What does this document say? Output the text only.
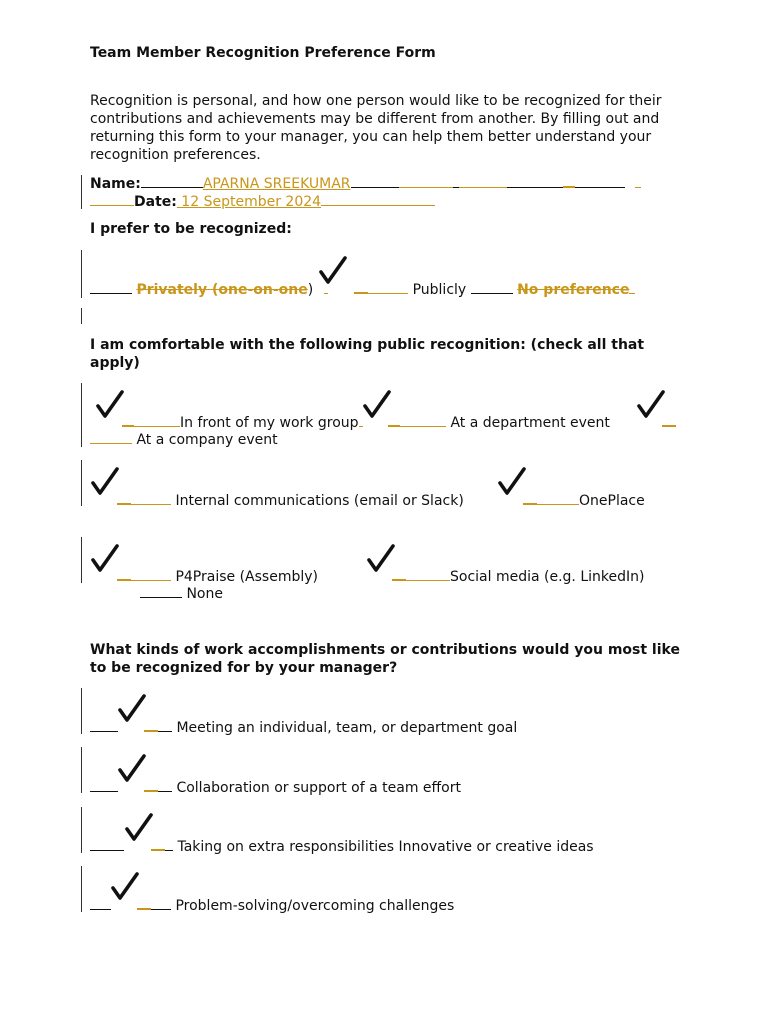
Team Member Recognition Preference Form
Recognition is personal, and how one person would like to be recognized for their contributions and achievements may be different from another. By filling out and returning this form to your manager, you can help them better understand your recognition preferences.
Name:	APARNA SREEKUMAR
Date: 12 September 2024
I prefer to be recognized:
Privately (one-on-one)	Publicly	No preference
I am comfortable with the following public recognition: (check all that apply)
In front of my work group	At a department event
At a company event
Internal communications (email or Slack)	OnePlace
P4Praise (Assembly)	Social media (e.g. LinkedIn)
None
What kinds of work accomplishments or contributions would you most like to be recognized for by your manager?
Meeting an individual, team, or department goal
Collaboration or support of a team effort
Taking on extra responsibilities Innovative or creative ideas
Problem-solving/overcoming challenges
